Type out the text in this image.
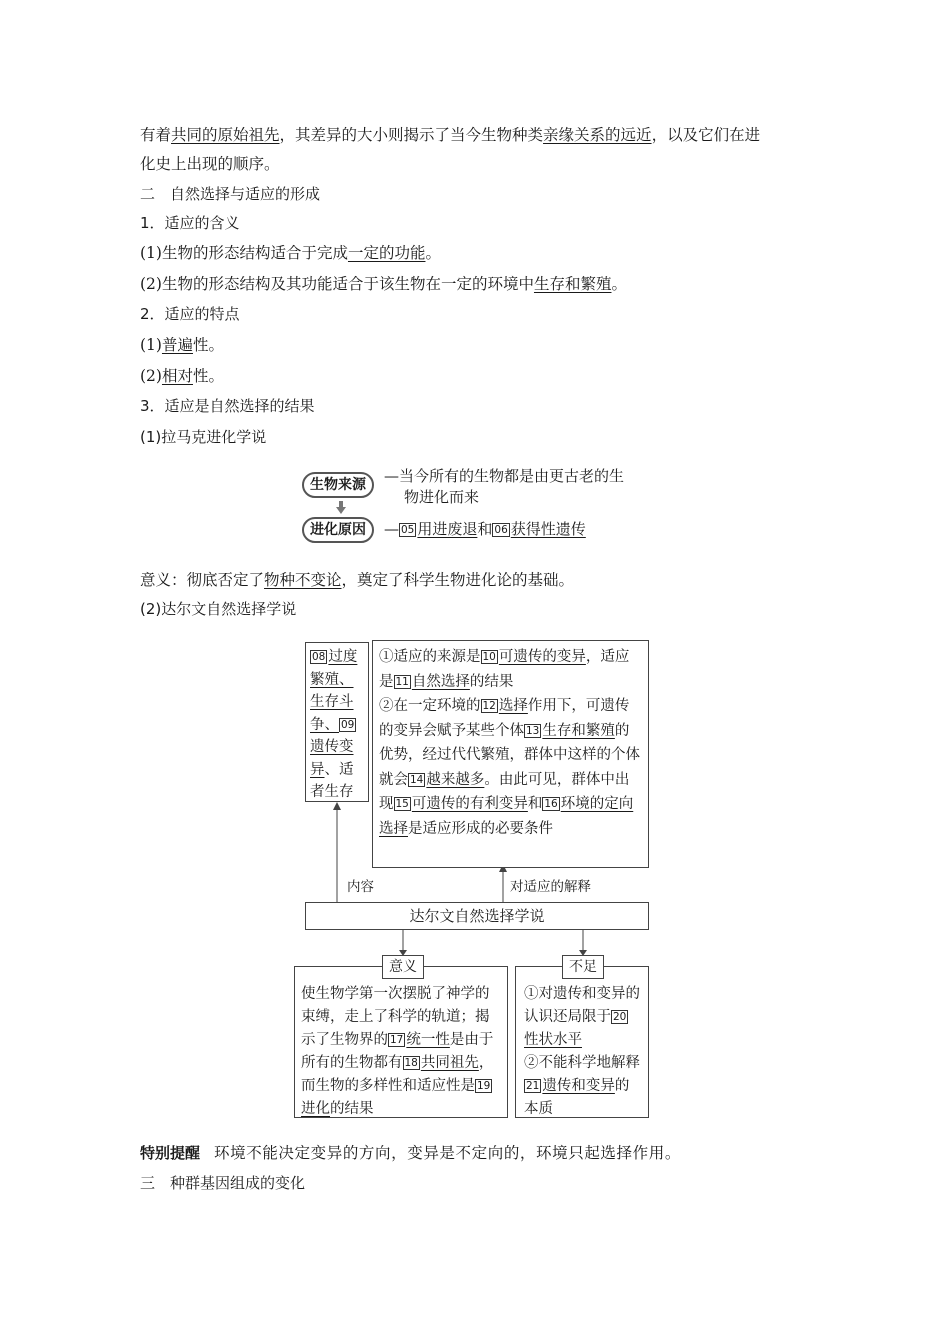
有着共同的原始祖先，其差异的大小则揭示了当今生物种类亲缘关系的远近，以及它们在进
化史上出现的顺序。
二　自然选择与适应的形成
1．适应的含义
(1)生物的形态结构适合于完成一定的功能。
(2)生物的形态结构及其功能适合于该生物在一定的环境中生存和繁殖。
2．适应的特点
(1)普遍性。
(2)相对性。
3．适应是自然选择的结果
(1)拉马克进化学说
生物来源	—当今所有的生物都是由更古老的生
物进化而来
进化原因	— 05 用进废退和 06 获得性遗传
意义：彻底否定了物种不变论，奠定了科学生物进化论的基础。
(2)达尔文自然选择学说
08 过度繁殖、生存斗争、 09遗传变异、适者生存
①适应的来源是 10 可遗传的变异，适应是 11 自然选择的结果
②在一定环境的 12 选择作用下，可遗传的变异会赋予某些个体 13 生存和繁殖的优势，经过代代繁殖，群体中这样的个体就会 14 越来越多。由此可见，群体中出现 15 可遗传的有利变异和 16 环境的定向选择是适应形成的必要条件
内容	对适应的解释
达尔文自然选择学说
使生物学第一次摆脱了神学的束缚，走上了科学的轨道；揭示了生物界的 17 统一性是由于所有的生物都有 18 共同祖先，而生物的多样性和适应性是 19进化的结果
意义
①对遗传和变异的认识还局限于 20性状水平
②不能科学地解释21 遗传和变异的本质
不足
特别提醒 环境不能决定变异的方向，变异是不定向的，环境只起选择作用。
三　种群基因组成的变化
